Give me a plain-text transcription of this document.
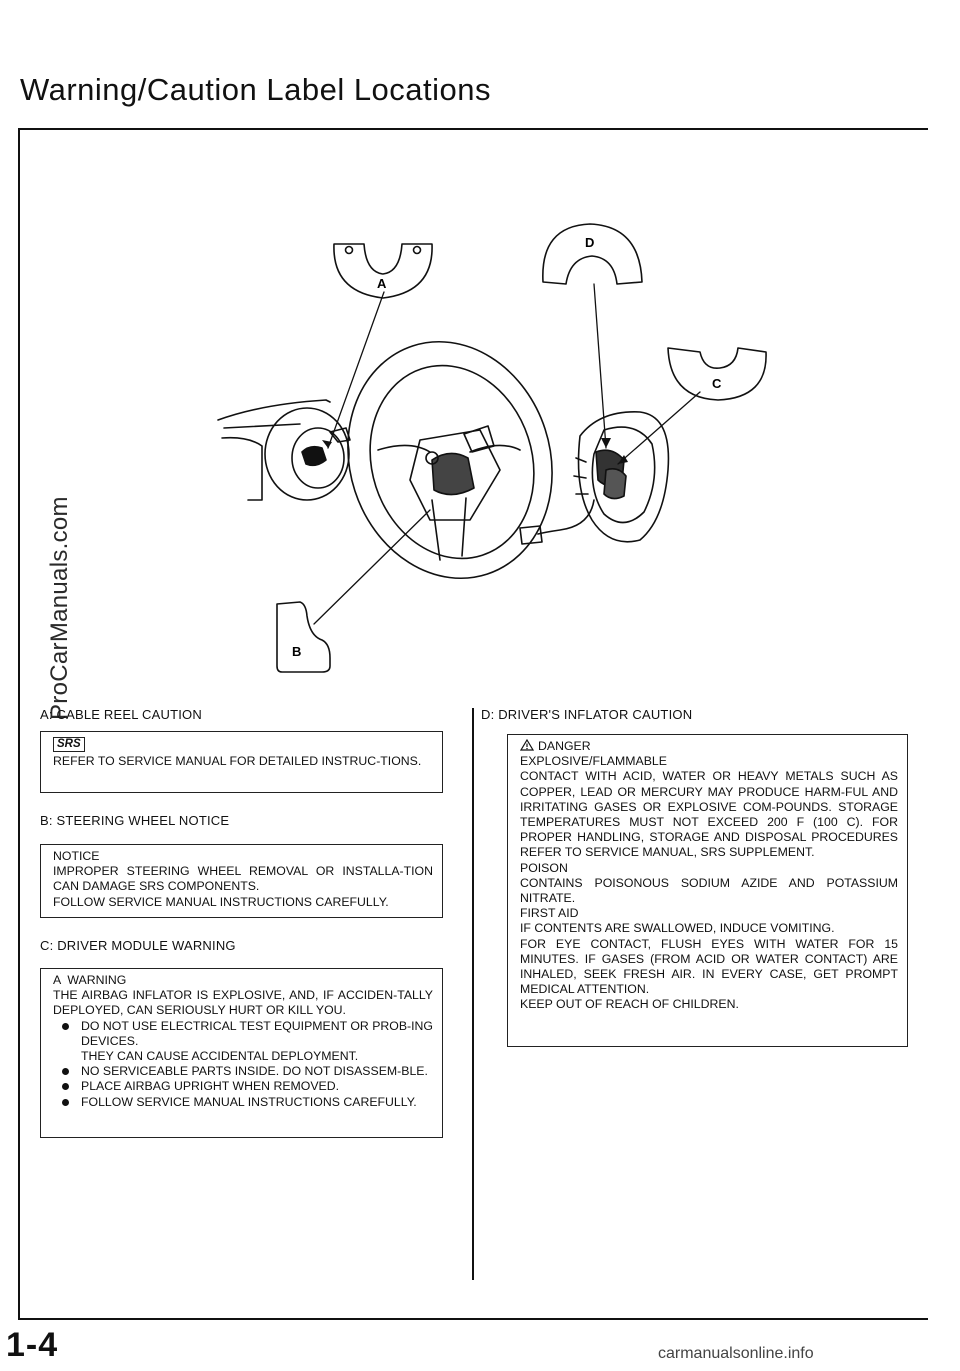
Warning/Caution Label Locations
A
D
C
B
ProCarManuals.com
A: CABLE REEL CAUTION
SRS
REFER TO SERVICE MANUAL FOR DETAILED INSTRUC-TIONS.
B: STEERING WHEEL NOTICE
NOTICE
IMPROPER STEERING WHEEL REMOVAL OR INSTALLA-TION CAN DAMAGE SRS COMPONENTS.
FOLLOW SERVICE MANUAL INSTRUCTIONS CAREFULLY.
C: DRIVER MODULE WARNING
A  WARNING
THE AIRBAG INFLATOR IS EXPLOSIVE, AND, IF ACCIDEN-TALLY DEPLOYED, CAN SERIOUSLY HURT OR KILL YOU.
DO NOT USE ELECTRICAL TEST EQUIPMENT OR PROB-ING DEVICES.
THEY CAN CAUSE ACCIDENTAL DEPLOYMENT.
NO SERVICEABLE PARTS INSIDE. DO NOT DISASSEM-BLE.
PLACE AIRBAG UPRIGHT WHEN REMOVED.
FOLLOW SERVICE MANUAL INSTRUCTIONS CAREFULLY.
D: DRIVER'S INFLATOR CAUTION
DANGER
EXPLOSIVE/FLAMMABLE
CONTACT WITH ACID, WATER OR HEAVY METALS SUCH AS COPPER, LEAD OR MERCURY MAY PRODUCE HARM-FUL AND IRRITATING GASES OR EXPLOSIVE COM-POUNDS. STORAGE TEMPERATURES MUST NOT EXCEED 200 F (100 C). FOR PROPER HANDLING, STORAGE AND DISPOSAL PROCEDURES REFER TO SERVICE MANUAL, SRS SUPPLEMENT.
POISON
CONTAINS POISONOUS SODIUM AZIDE AND POTASSIUM NITRATE.
FIRST AID
IF CONTENTS ARE SWALLOWED, INDUCE VOMITING.
FOR EYE CONTACT, FLUSH EYES WITH WATER FOR 15 MINUTES. IF GASES (FROM ACID OR WATER CONTACT) ARE INHALED, SEEK FRESH AIR. IN EVERY CASE, GET PROMPT MEDICAL ATTENTION.
KEEP OUT OF REACH OF CHILDREN.
1-4	carmanualsonline.info
